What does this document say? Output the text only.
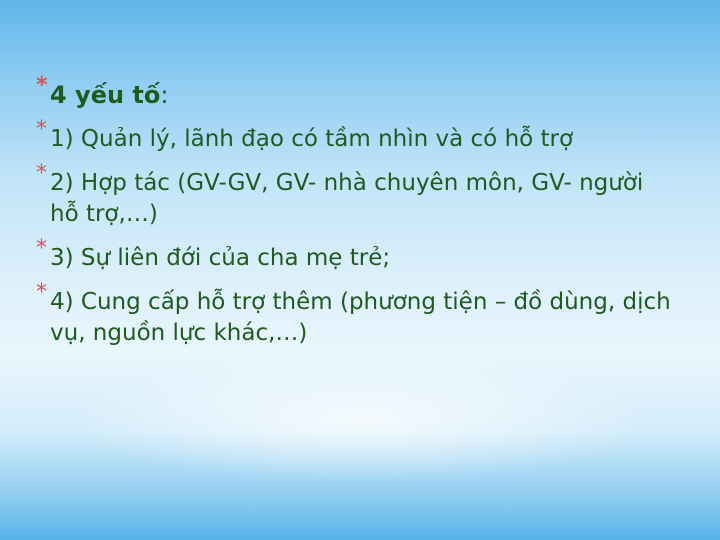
* 4 yếu tố:
* 1) Quản lý, lãnh đạo có tầm nhìn và có hỗ trợ
* 2) Hợp tác (GV-GV, GV- nhà chuyên môn, GV- người hỗ trợ,…)
* 3) Sự liên đới của cha mẹ trẻ;
* 4) Cung cấp hỗ trợ thêm (phương tiện – đồ dùng, dịch vụ, nguồn lực khác,…)
